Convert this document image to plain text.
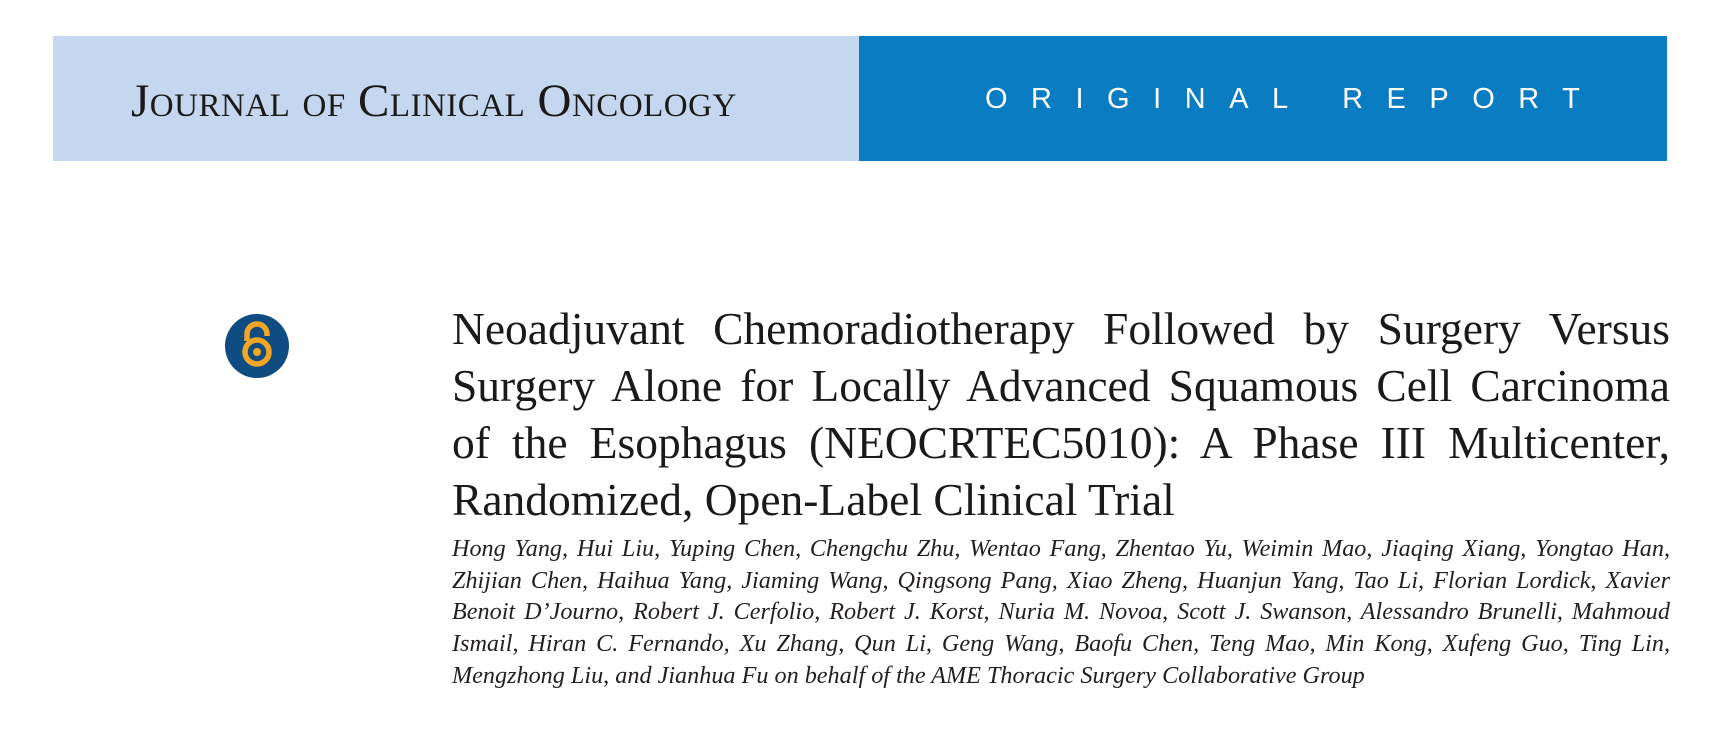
Journal of Clinical Oncology	ORIGINAL REPORT
Neoadjuvant Chemoradiotherapy Followed by Surgery Versus Surgery Alone for Locally Advanced Squamous Cell Carcinoma of the Esophagus (NEOCRTEC5010): A Phase III Multicenter, Randomized, Open-Label Clinical Trial
Hong Yang, Hui Liu, Yuping Chen, Chengchu Zhu, Wentao Fang, Zhentao Yu, Weimin Mao, Jiaqing Xiang, Yongtao Han, Zhijian Chen, Haihua Yang, Jiaming Wang, Qingsong Pang, Xiao Zheng, Huanjun Yang, Tao Li, Florian Lordick, Xavier Benoit D’Journo, Robert J. Cerfolio, Robert J. Korst, Nuria M. Novoa, Scott J. Swanson, Alessandro Brunelli, Mahmoud Ismail, Hiran C. Fernando, Xu Zhang, Qun Li, Geng Wang, Baofu Chen, Teng Mao, Min Kong, Xufeng Guo, Ting Lin, Mengzhong Liu, and Jianhua Fu on behalf of the AME Thoracic Surgery Collaborative Group
